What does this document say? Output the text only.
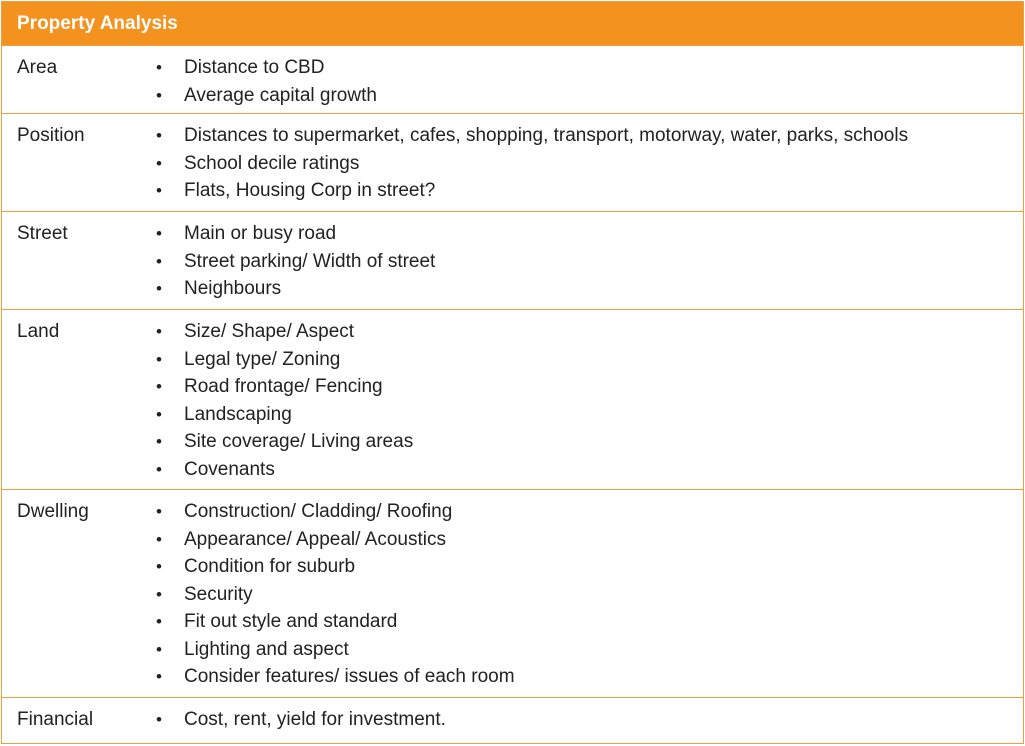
Property Analysis
Area	• Distance to CBD
• Average capital growth
Position	• Distances to supermarket, cafes, shopping, transport, motorway, water, parks, schools
• School decile ratings
• Flats, Housing Corp in street?
Street	• Main or busy road
• Street parking/ Width of street
• Neighbours
Land	• Size/ Shape/ Aspect
• Legal type/ Zoning
• Road frontage/ Fencing
• Landscaping
• Site coverage/ Living areas
• Covenants
Dwelling	• Construction/ Cladding/ Roofing
• Appearance/ Appeal/ Acoustics
• Condition for suburb
• Security
• Fit out style and standard
• Lighting and aspect
• Consider features/ issues of each room
Financial	• Cost, rent, yield for investment.
